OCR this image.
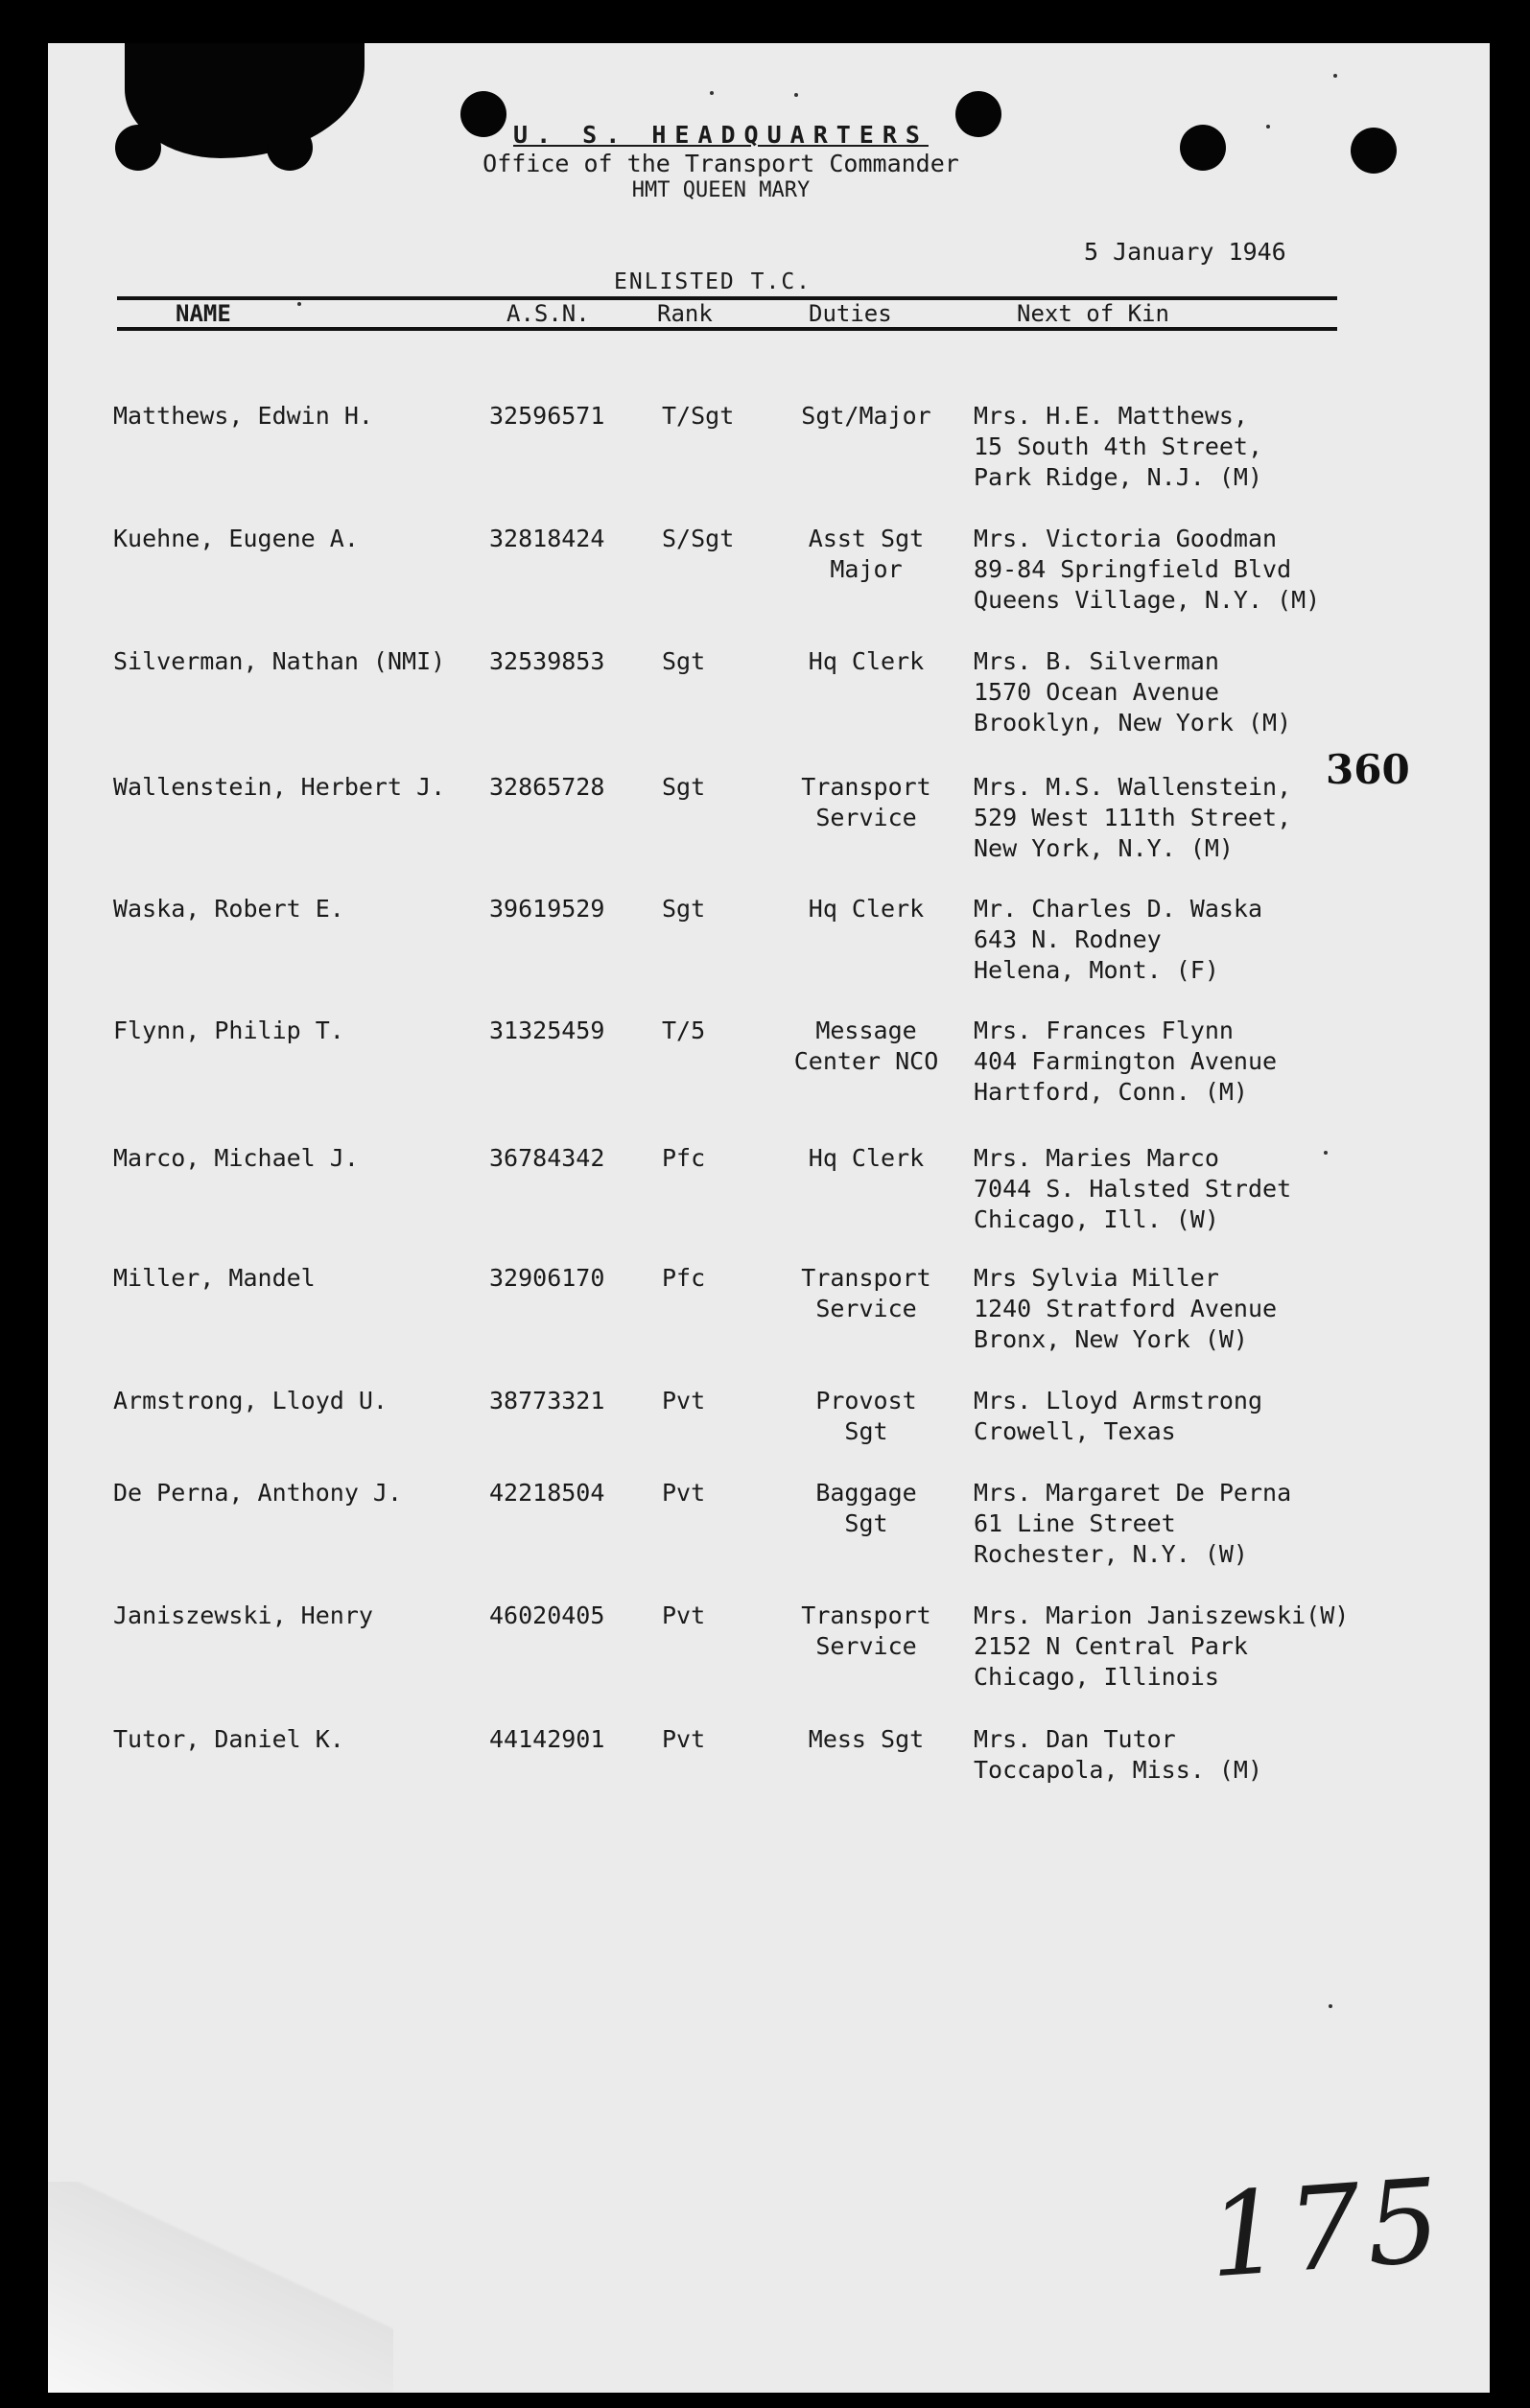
U. S. HEADQUARTERS
Office of the Transport Commander
HMT QUEEN MARY
5 January 1946
ENLISTED T.C.
NAME	A.S.N.	Rank	Duties	Next of Kin
Matthews, Edwin H.	32596571 T/Sgt	Sgt/Major	Mrs. H.E. Matthews,
15 South 4th Street,
Park Ridge, N.J. (M)
Kuehne, Eugene A.	32818424 S/Sgt	Asst Sgt
Major
Mrs. Victoria Goodman
89-84 Springfield Blvd
Queens Village, N.Y. (M)
Silverman, Nathan (NMI) 32539853 Sgt	Hq Clerk	Mrs. B. Silverman
1570 Ocean Avenue
Brooklyn, New York (M)
Wallenstein, Herbert J. 32865728 Sgt	Transport
Service
Mrs. M.S. Wallenstein,
529 West 111th Street,
New York, N.Y. (M)
Waska, Robert E.	39619529 Sgt	Hq Clerk	Mr. Charles D. Waska
643 N. Rodney
Helena, Mont. (F)
Flynn, Philip T.	31325459 T/5	Message
Center NCO
Mrs. Frances Flynn
404 Farmington Avenue
Hartford, Conn. (M)
Marco, Michael J.	36784342 Pfc	Hq Clerk	Mrs. Maries Marco
7044 S. Halsted Strdet
Chicago, Ill. (W)
Miller, Mandel	32906170 Pfc	Transport
Service
Mrs Sylvia Miller
1240 Stratford Avenue
Bronx, New York (W)
Armstrong, Lloyd U.	38773321 Pvt	Provost
Sgt
Mrs. Lloyd Armstrong
Crowell, Texas
De Perna, Anthony J.	42218504 Pvt	Baggage
Sgt
Mrs. Margaret De Perna
61 Line Street
Rochester, N.Y. (W)
Janiszewski, Henry	46020405 Pvt	Transport
Service
Mrs. Marion Janiszewski(W)
2152 N Central Park
Chicago, Illinois
Tutor, Daniel K.	44142901 Pvt	Mess Sgt	Mrs. Dan Tutor
Toccapola, Miss. (M)
360
175
